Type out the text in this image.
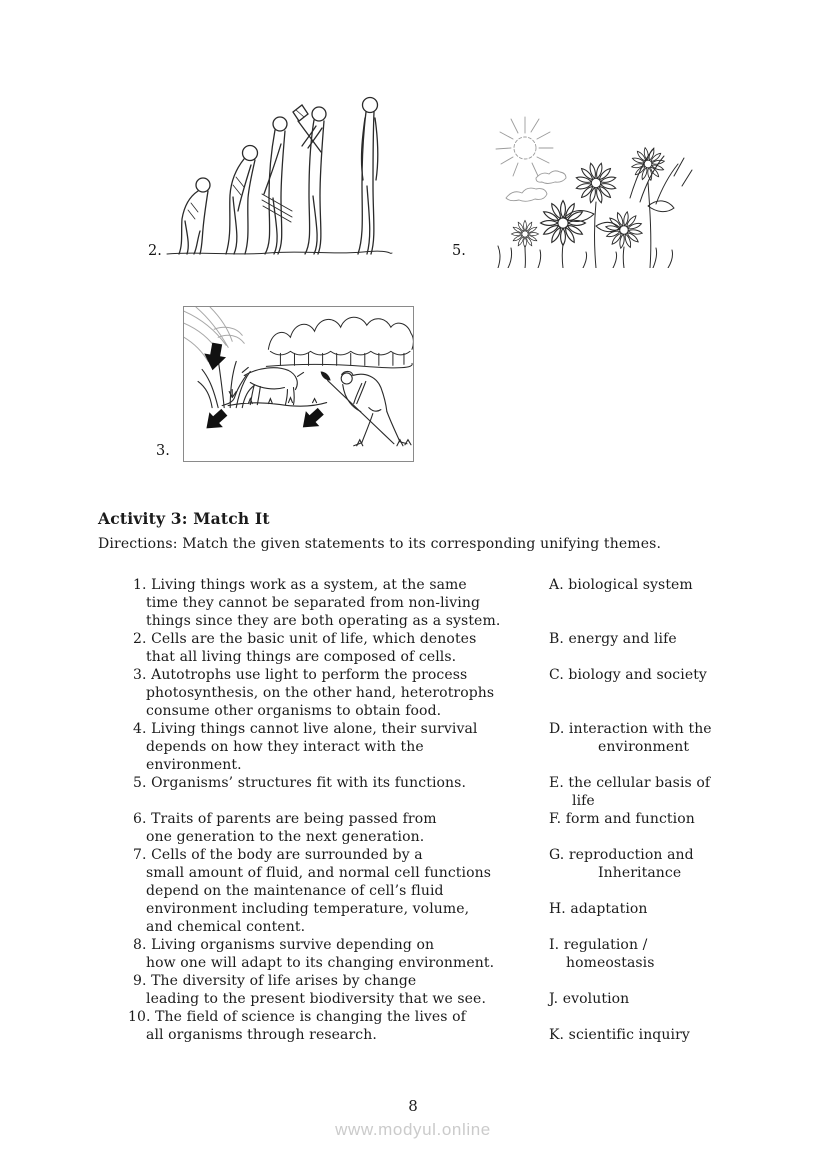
2.	5.
3.
Activity 3: Match It
Directions: Match the given statements to its corresponding unifying themes.
1. Living things work as a system, at the same	A. biological system
time they cannot be separated from non-living
things since they are both operating as a system.
2. Cells are the basic unit of life, which denotes	B. energy and life
that all living things are composed of cells.
3. Autotrophs use light to perform the process	C. biology and society
photosynthesis, on the other hand, heterotrophs
consume other organisms to obtain food.
4. Living things cannot live alone, their survival	D. interaction with the
depends on how they interact with the	environment
environment.
5. Organisms’ structures fit with its functions.	E. the cellular basis of
life
6. Traits of parents are being passed from	F. form and function
one generation to the next generation.
7. Cells of the body are surrounded by a	G. reproduction and
small amount of fluid, and normal cell functions	Inheritance
depend on the maintenance of cell’s fluid
environment including temperature, volume,	H. adaptation
and chemical content.
8. Living organisms survive depending on	I. regulation /
how one will adapt to its changing environment.	homeostasis
9. The diversity of life arises by change
leading to the present biodiversity that we see.	J. evolution
10. The field of science is changing the lives of
all organisms through research.	K. scientific inquiry
8
www.modyul.online
